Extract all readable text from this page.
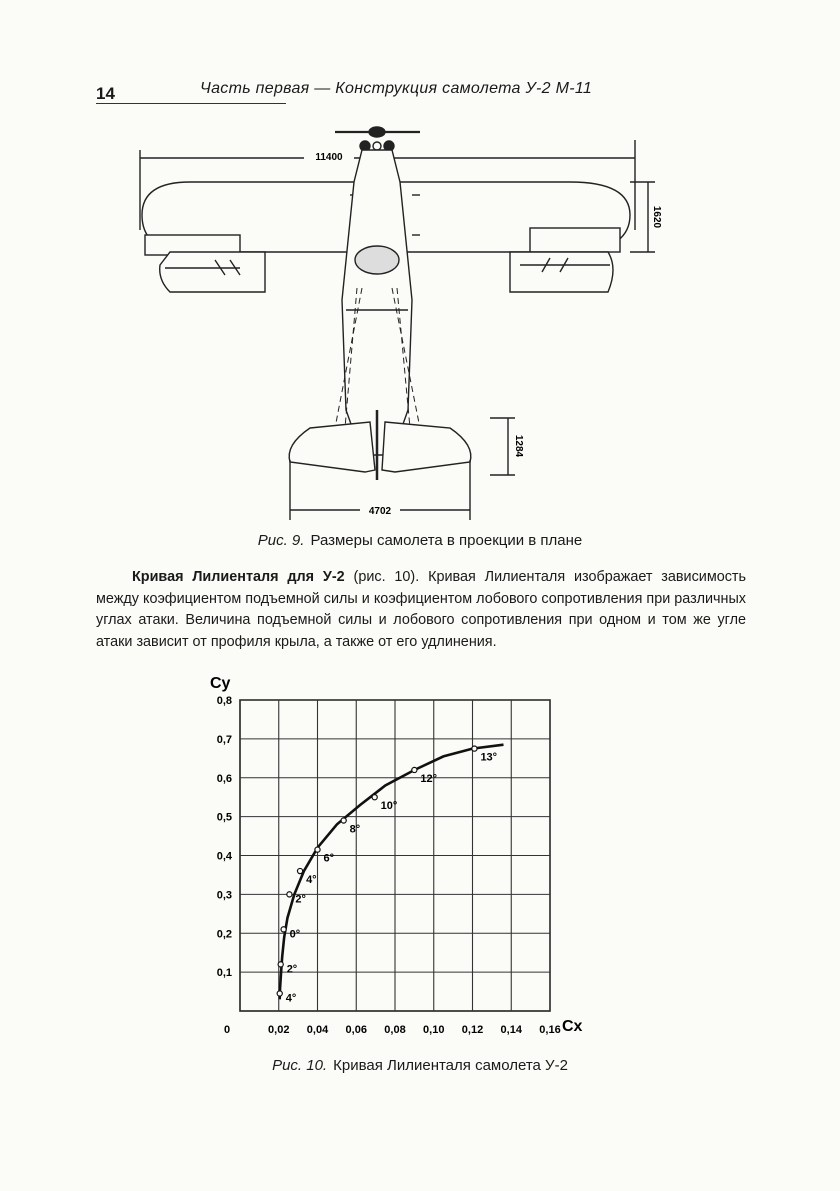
14	Часть первая — Конструкция самолета У-2 М-11
11400
1620
1284
4702
Рис. 9. Размеры самолета в проекции в плане
Кривая Лилиенталя для У-2 (рис. 10). Кривая Лилиенталя изображает зависимость между коэфициентом подъемной силы и коэфициентом лобового сопротивления при различных углах атаки. Величина подъемной силы и лобового сопротивления при одном и том же угле атаки зависит от профиля крыла, а также от его удлинения.
0,02 0,04 0,06 0,08 0,10 0,12 0,14 0,16
0,1
0,2
0,3
0,4
0,5
0,6
0,7
0,8
4°
2°
0°
2°
4°
6°
8°
10°
12°
13°
Cy
Cx
0
Рис. 10. Кривая Лилиенталя самолета У-2
